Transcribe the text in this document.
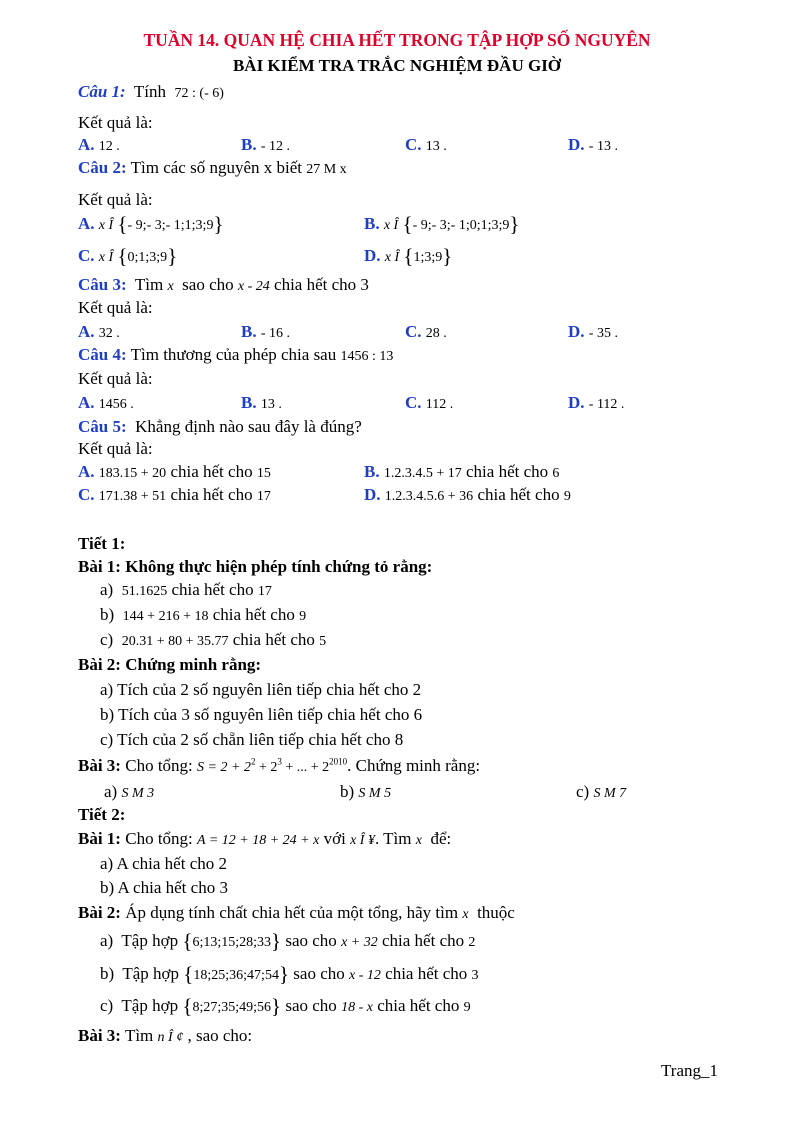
TUẦN 14. QUAN HỆ CHIA HẾT TRONG TẬP HỢP SỐ NGUYÊN
BÀI KIỂM TRA TRẮC NGHIỆM ĐẦU GIỜ
Câu 1: Tính 72 : (- 6)
Kết quả là:
A. 12 .	B. - 12 .	C. 13 .	D. - 13 .
Câu 2: Tìm các số nguyên x biết 27 M x
Kết quả là:
A. x Î {- 9;- 3;- 1;1;3;9}	B. x Î {- 9;- 3;- 1;0;1;3;9}
C. x Î {0;1;3;9}	D. x Î {1;3;9}
Câu 3: Tìm x sao cho x - 24 chia hết cho 3
Kết quả là:
A. 32 .	B. - 16 .	C. 28 .	D. - 35 .
Câu 4: Tìm thương của phép chia sau 1456 : 13
Kết quả là:
A. 1456 .	B. 13 .	C. 112 .	D. - 112 .
Câu 5: Khẳng định nào sau đây là đúng?
Kết quả là:
A. 183.15 + 20 chia hết cho 15	B. 1.2.3.4.5 + 17 chia hết cho 6
C. 171.38 + 51 chia hết cho 17	D. 1.2.3.4.5.6 + 36 chia hết cho 9
Tiết 1:
Bài 1: Không thực hiện phép tính chứng tỏ rằng:
a) 51.1625 chia hết cho 17
b) 144 + 216 + 18 chia hết cho 9
c) 20.31 + 80 + 35.77 chia hết cho 5
Bài 2: Chứng minh rằng:
a) Tích của 2 số nguyên liên tiếp chia hết cho 2
b) Tích của 3 số nguyên liên tiếp chia hết cho 6
c) Tích của 2 số chẵn liên tiếp chia hết cho 8
Bài 3: Cho tổng: $S = 2 + 2^2 + 2^3$ + ... + $2^{2010}$. Chứng minh rằng:
a) S M 3	b) S M 5	c) S M 7
Tiết 2:
Bài 1: Cho tổng: A = 12 + 18 + 24 + x với x Î ¥. Tìm x để:
a) A chia hết cho 2
b) A chia hết cho 3
Bài 2: Áp dụng tính chất chia hết của một tổng, hãy tìm x thuộc
a) Tập hợp {6;13;15;28;33} sao cho x + 32 chia hết cho 2
b) Tập hợp {18;25;36;47;54} sao cho x - 12 chia hết cho 3
c) Tập hợp {8;27;35;49;56} sao cho 18 - x chia hết cho 9
Bài 3: Tìm n Î ¢ , sao cho:
Trang_1
